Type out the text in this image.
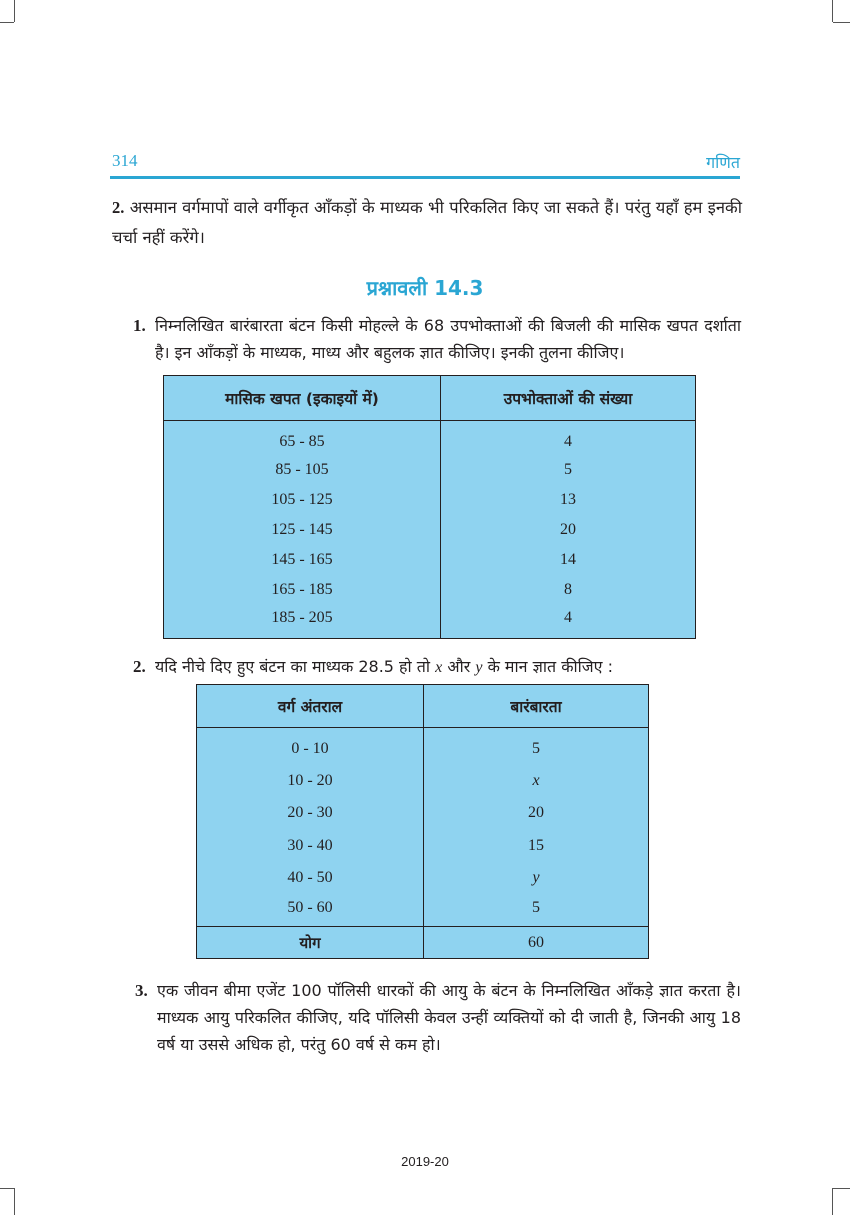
314	गणित
2. असमान वर्गमापों वाले वर्गीकृत आँकड़ों के माध्यक भी परिकलित किए जा सकते हैं। परंतु यहाँ हम इनकी चर्चा नहीं करेंगे।
प्रश्नावली 14.3
1. निम्नलिखित बारंबारता बंटन किसी मोहल्ले के 68 उपभोक्ताओं की बिजली की मासिक खपत दर्शाता है। इन आँकड़ों के माध्यक, माध्य और बहुलक ज्ञात कीजिए। इनकी तुलना कीजिए।
मासिक खपत (इकाइयों में)	उपभोक्ताओं की संख्या
65 - 85	4
85 - 105	5
105 - 125	13
125 - 145	20
145 - 165	14
165 - 185	8
185 - 205	4
2. यदि नीचे दिए हुए बंटन का माध्यक 28.5 हो तो x और y के मान ज्ञात कीजिए :
वर्ग अंतराल	बारंबारता
0 - 10	5
10 - 20	x
20 - 30	20
30 - 40	15
40 - 50	y
50 - 60	5
योग	60
3. एक जीवन बीमा एजेंट 100 पॉलिसी धारकों की आयु के बंटन के निम्नलिखित आँकड़े ज्ञात करता है। माध्यक आयु परिकलित कीजिए, यदि पॉलिसी केवल उन्हीं व्यक्तियों को दी जाती है, जिनकी आयु 18 वर्ष या उससे अधिक हो, परंतु 60 वर्ष से कम हो।
2019-20
